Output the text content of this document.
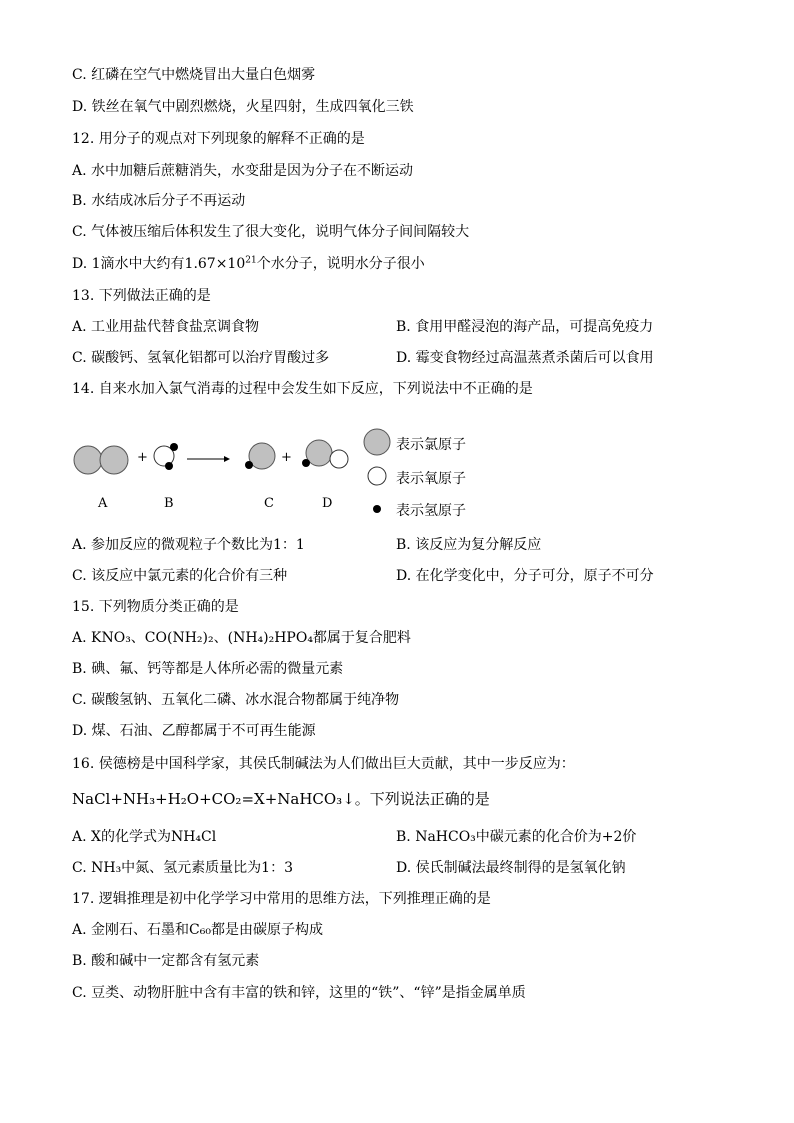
C. 红磷在空气中燃烧冒出大量白色烟雾
D. 铁丝在氧气中剧烈燃烧，火星四射，生成四氧化三铁
12. 用分子的观点对下列现象的解释不正确的是
A. 水中加糖后蔗糖消失，水变甜是因为分子在不断运动
B. 水结成冰后分子不再运动
C. 气体被压缩后体积发生了很大变化，说明气体分子间间隔较大
D. 1滴水中大约有$1.67\times 10^{21}$个水分子，说明水分子很小
13. 下列做法正确的是
A. 工业用盐代替食盐烹调食物	B. 食用甲醛浸泡的海产品，可提高免疫力
C. 碳酸钙、氢氧化铝都可以治疗胃酸过多	D. 霉变食物经过高温蒸煮杀菌后可以食用
14. 自来水加入氯气消毒的过程中会发生如下反应，下列说法中不正确的是
+	+
A	B	C	D
表示氯原子
表示氧原子
表示氢原子
A. 参加反应的微观粒子个数比为1：1	B. 该反应为复分解反应
C. 该反应中氯元素的化合价有三种	D. 在化学变化中，分子可分，原子不可分
15. 下列物质分类正确的是
A. KNO₃、CO(NH₂)₂、(NH₄)₂HPO₄都属于复合肥料
B. 碘、氟、钙等都是人体所必需的微量元素
C. 碳酸氢钠、五氧化二磷、冰水混合物都属于纯净物
D. 煤、石油、乙醇都属于不可再生能源
16. 侯德榜是中国科学家，其侯氏制碱法为人们做出巨大贡献，其中一步反应为：
NaCl+NH₃+H₂O+CO₂=X+NaHCO₃↓。下列说法正确的是
A. X的化学式为NH₄Cl	B. NaHCO₃中碳元素的化合价为+2价
C. NH₃中氮、氢元素质量比为1：3	D. 侯氏制碱法最终制得的是氢氧化钠
17. 逻辑推理是初中化学学习中常用的思维方法，下列推理正确的是
A. 金刚石、石墨和C₆₀都是由碳原子构成
B. 酸和碱中一定都含有氢元素
C. 豆类、动物肝脏中含有丰富的铁和锌，这里的“铁”、“锌”是指金属单质
